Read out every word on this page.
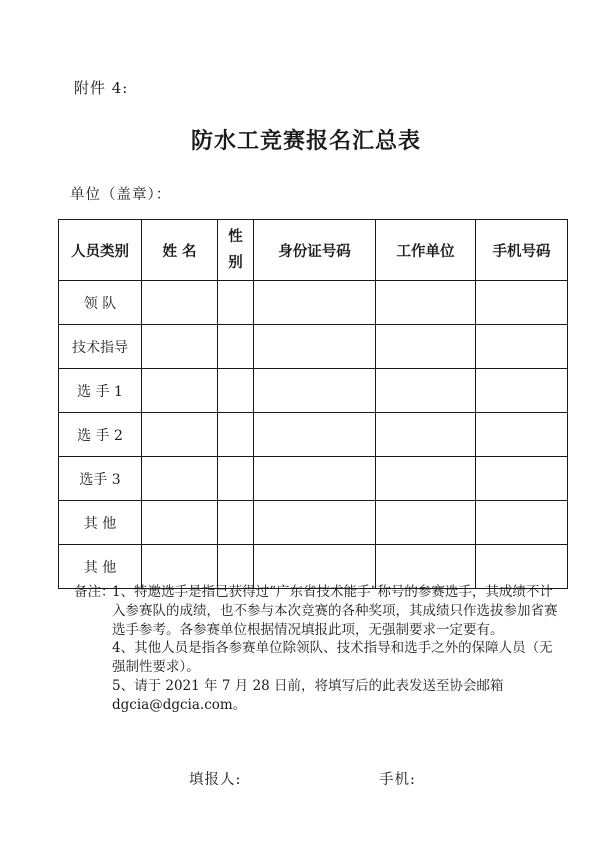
附件 4:
防水工竞赛报名汇总表
单位（盖章）：
人员类别	姓 名	性别	身份证号码	工作单位	手机号码
领 队					
技术指导					
选 手 1					
选 手 2					
选手 3					
其 他					
其 他					
备注：
1、特邀选手是指已获得过“广东省技术能手”称号的参赛选手，其成绩不计入参赛队的成绩，也不参与本次竞赛的各种奖项，其成绩只作选拔参加省赛选手参考。各参赛单位根据情况填报此项，无强制要求一定要有。
4、其他人员是指各参赛单位除领队、技术指导和选手之外的保障人员（无强制性要求）。
5、请于 2021 年 7 月 28 日前，将填写后的此表发送至协会邮箱 dgcia@dgcia.com。
填报人:	手机:
